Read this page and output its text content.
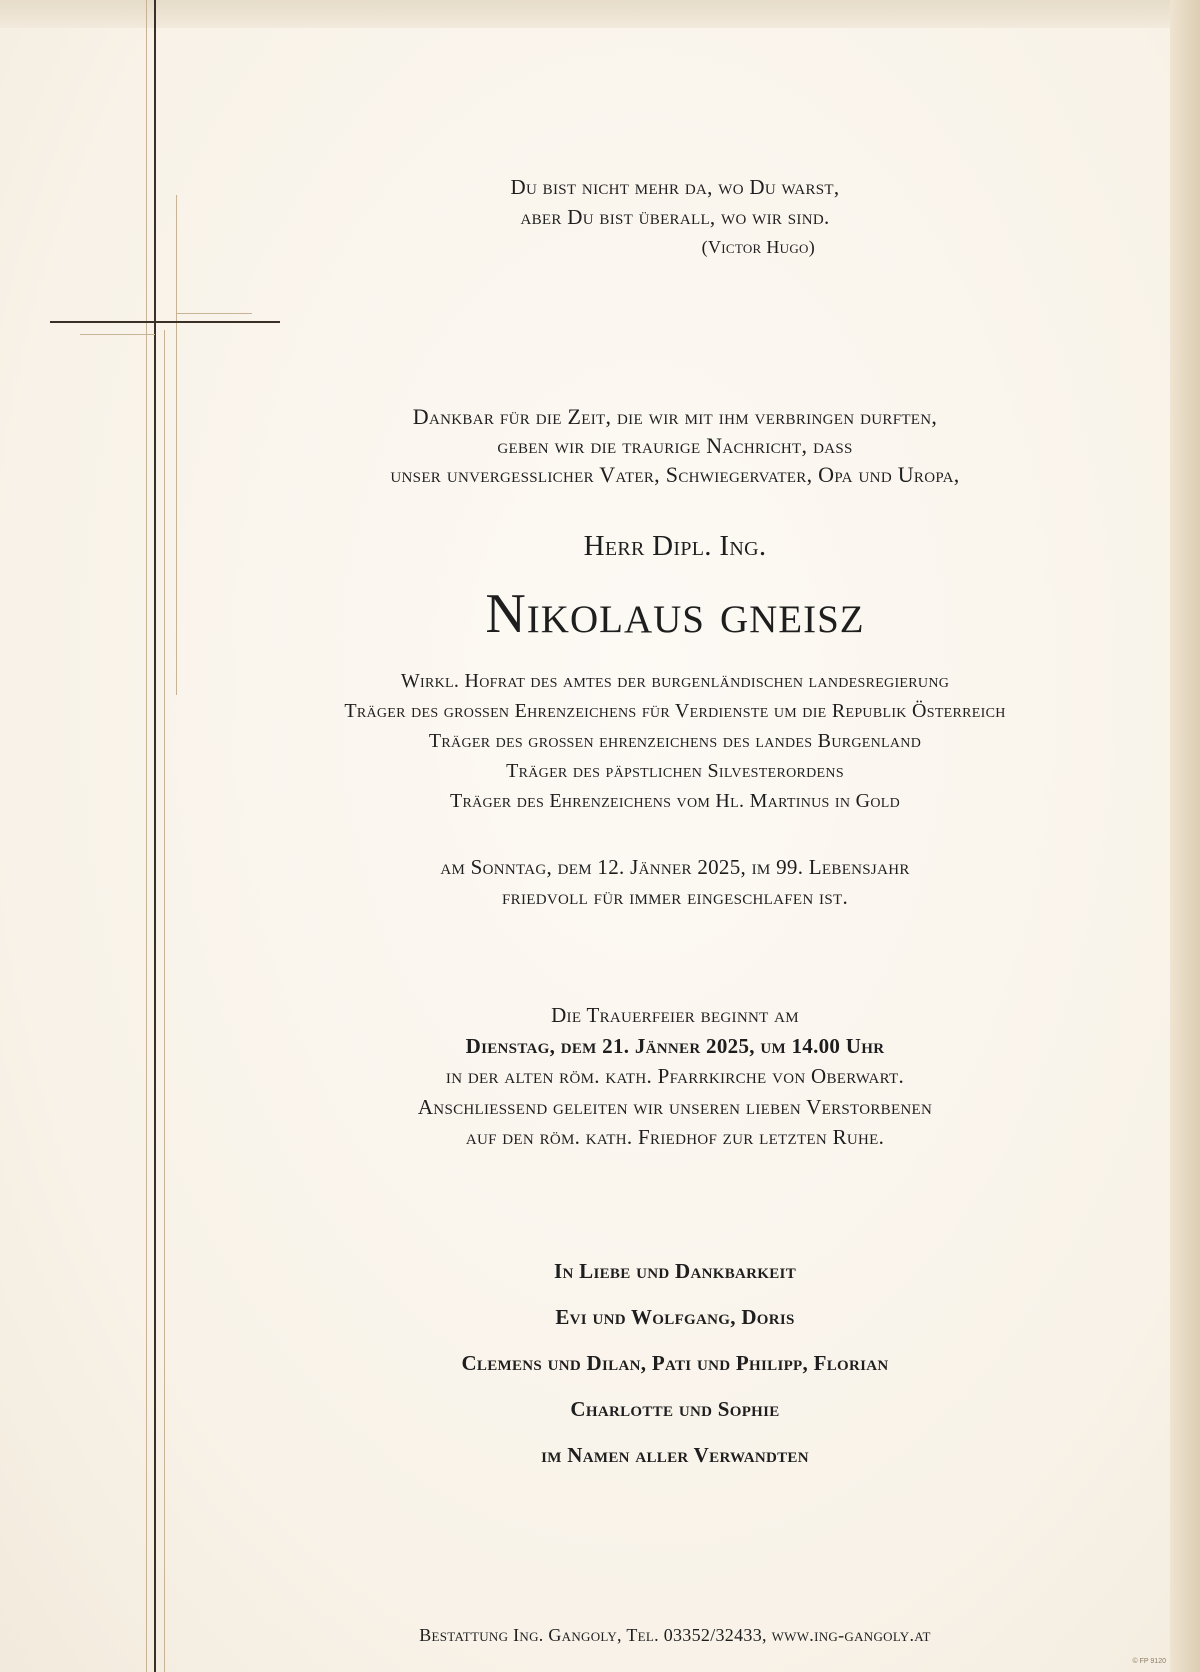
Du bist nicht mehr da, wo Du warst,
aber Du bist überall, wo wir sind.
(Victor Hugo)
Dankbar für die Zeit, die wir mit ihm verbringen durften,
geben wir die traurige Nachricht, dass
unser unvergesslicher Vater, Schwiegervater, Opa und Uropa,
Herr Dipl. Ing.
Nikolaus gneisz
Wirkl. Hofrat des amtes der burgenländischen landesregierung
Träger des großen Ehrenzeichens für Verdienste um die Republik Österreich
Träger des großen ehrenzeichens des landes Burgenland
Träger des päpstlichen Silvesterordens
Träger des Ehrenzeichens vom Hl. Martinus in Gold
am Sonntag, dem 12. Jänner 2025, im 99. Lebensjahr
friedvoll für immer eingeschlafen ist.
Die Trauerfeier beginnt am
Dienstag, dem 21. Jänner 2025, um 14.00 Uhr
in der alten röm. kath. Pfarrkirche von Oberwart.
Anschließend geleiten wir unseren lieben Verstorbenen
auf den röm. kath. Friedhof zur letzten Ruhe.
In Liebe und Dankbarkeit
Evi und Wolfgang, Doris
Clemens und Dilan, Pati und Philipp, Florian
Charlotte und Sophie
im Namen aller Verwandten
Bestattung Ing. Gangoly, Tel. 03352/32433, www.ing-gangoly.at
© FP 9120
